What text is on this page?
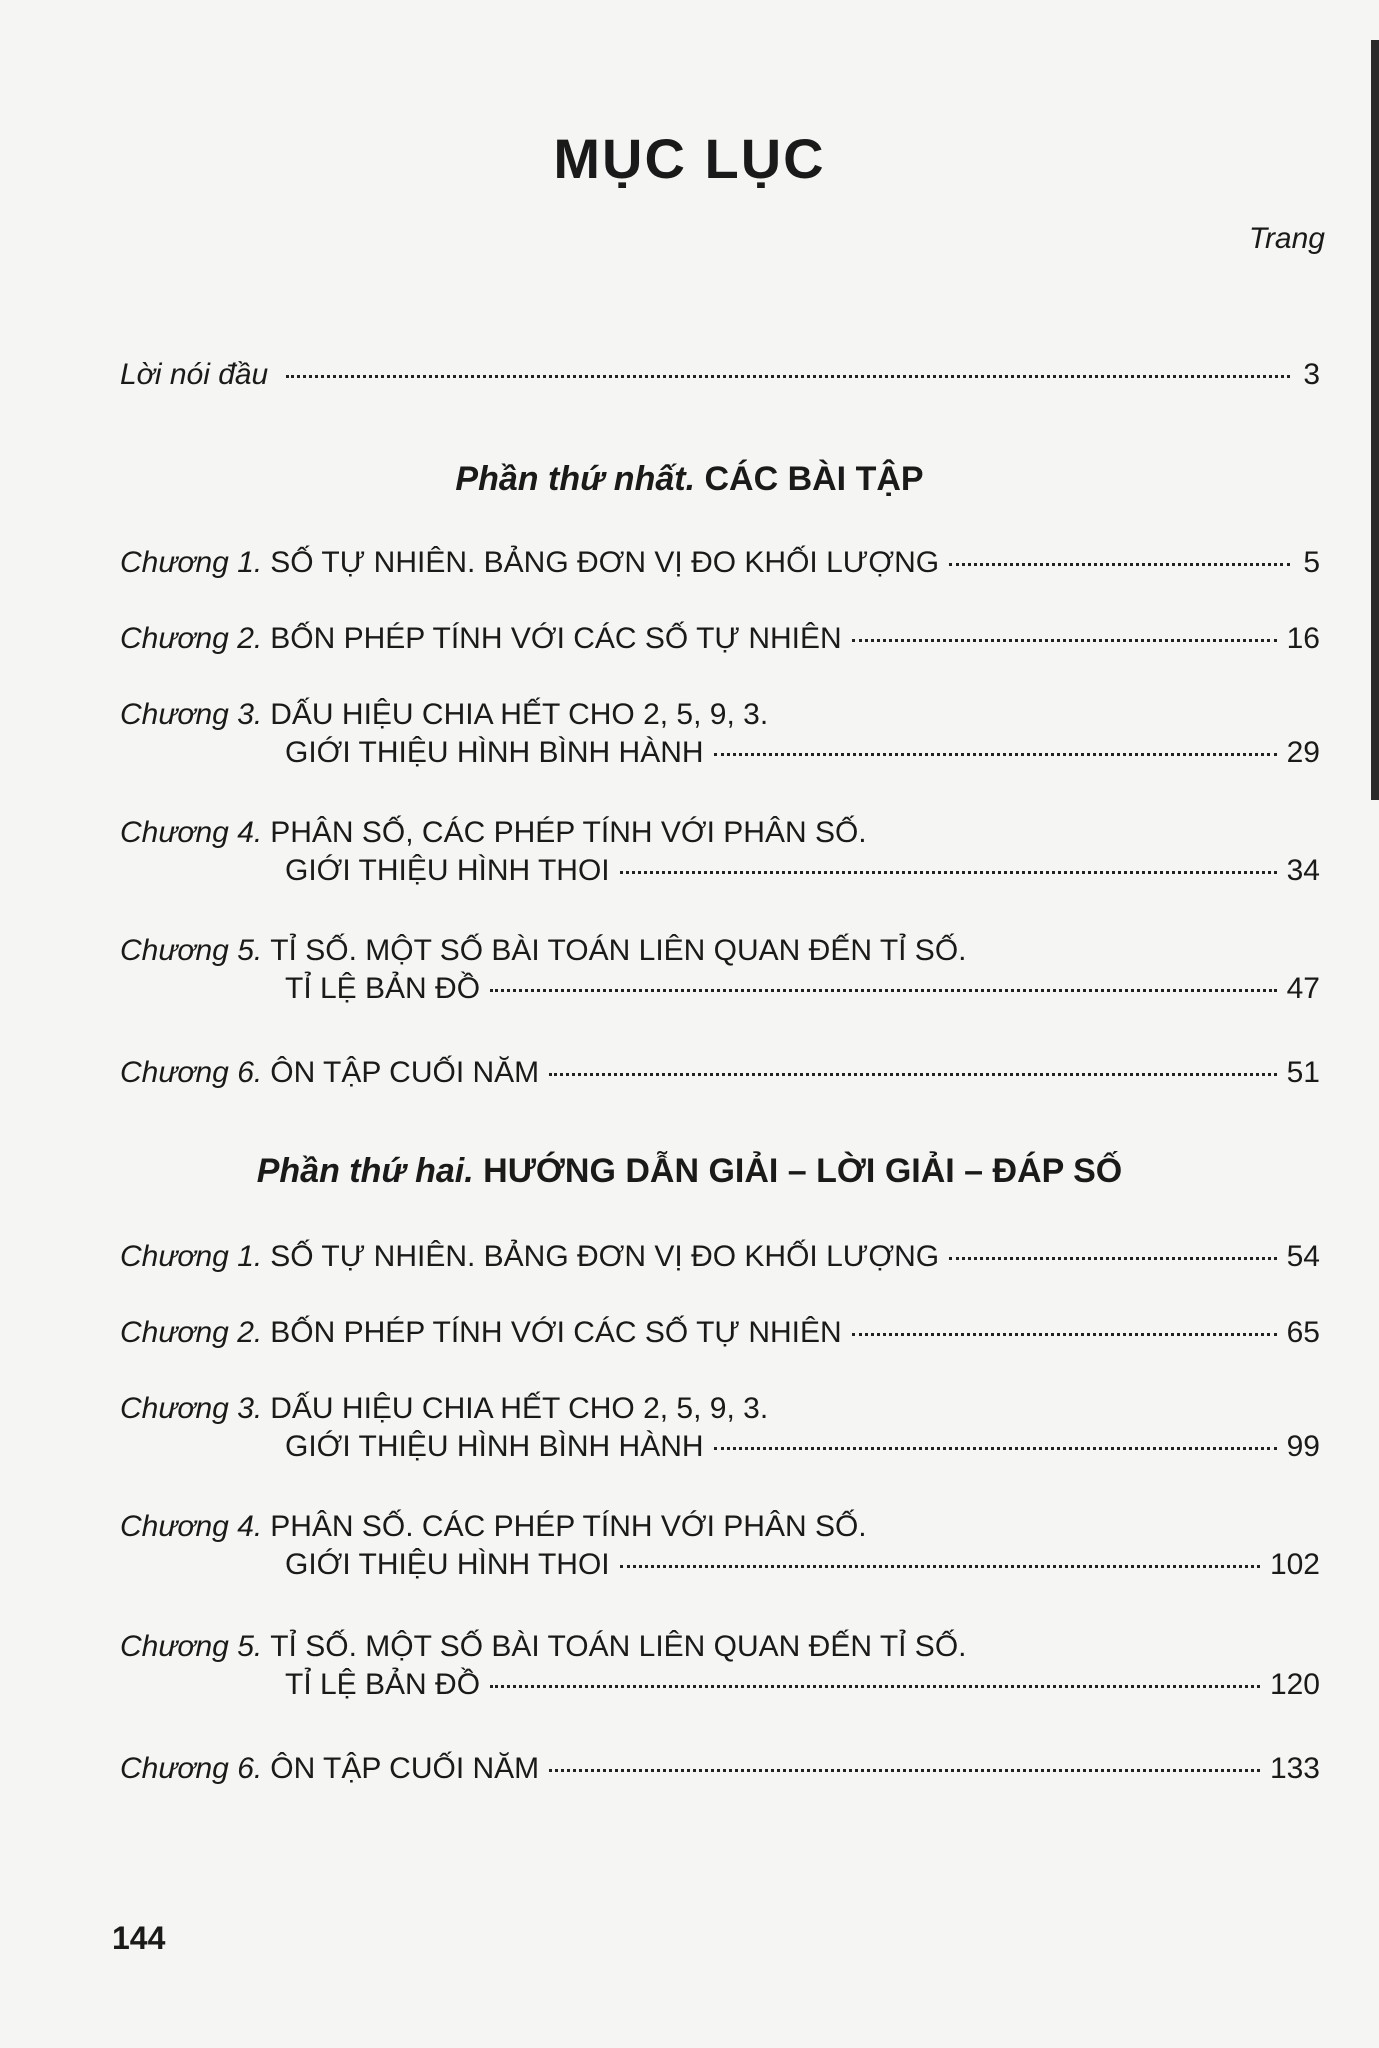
MỤC LỤC
Trang
Lời nói đầu	3
Phần thứ nhất. CÁC BÀI TẬP
Chương 1. SỐ TỰ NHIÊN. BẢNG ĐƠN VỊ ĐO KHỐI LƯỢNG	5
Chương 2. BỐN PHÉP TÍNH VỚI CÁC SỐ TỰ NHIÊN	16
Chương 3. DẤU HIỆU CHIA HẾT CHO 2, 5, 9, 3.
GIỚI THIỆU HÌNH BÌNH HÀNH	29
Chương 4. PHÂN SỐ, CÁC PHÉP TÍNH VỚI PHÂN SỐ.
GIỚI THIỆU HÌNH THOI	34
Chương 5. TỈ SỐ. MỘT SỐ BÀI TOÁN LIÊN QUAN ĐẾN TỈ SỐ.
TỈ LỆ BẢN ĐỒ	47
Chương 6. ÔN TẬP CUỐI NĂM	51
Phần thứ hai. HƯỚNG DẪN GIẢI – LỜI GIẢI – ĐÁP SỐ
Chương 1. SỐ TỰ NHIÊN. BẢNG ĐƠN VỊ ĐO KHỐI LƯỢNG	54
Chương 2. BỐN PHÉP TÍNH VỚI CÁC SỐ TỰ NHIÊN	65
Chương 3. DẤU HIỆU CHIA HẾT CHO 2, 5, 9, 3.
GIỚI THIỆU HÌNH BÌNH HÀNH	99
Chương 4. PHÂN SỐ. CÁC PHÉP TÍNH VỚI PHÂN SỐ.
GIỚI THIỆU HÌNH THOI	102
Chương 5. TỈ SỐ. MỘT SỐ BÀI TOÁN LIÊN QUAN ĐẾN TỈ SỐ.
TỈ LỆ BẢN ĐỒ	120
Chương 6. ÔN TẬP CUỐI NĂM	133
144
